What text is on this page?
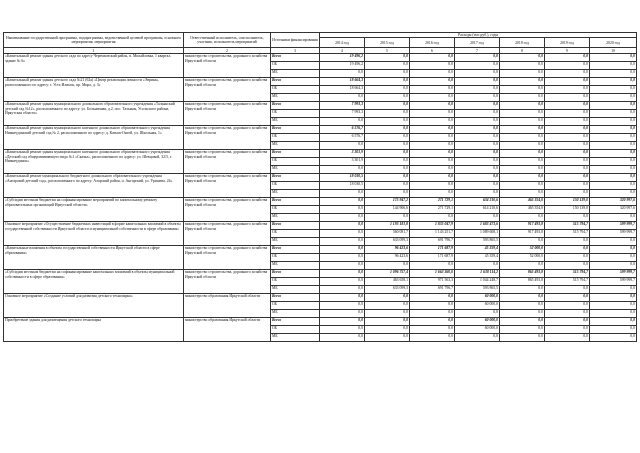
Наименование государственной программы, подпрограммы, ведомственной целевой программы, основного мероприятия, мероприятия	Ответственный исполнитель, соисполнитель, участник, исполнитель мероприятий	Источники финансирования	Расходы (тыс.руб.), годы						
			2014 год	2015 год	2016 год	2017 год	2018 год	2019 год	2020 год
1	2	3	4	5	6	7	8	9	10
«Капитальный ремонт здания детского сада по адресу Черемховский район, п. Михайловка, 1 квартал, здание № 6»	министерство строительства, дорожного хозяйства Иркутской области	Всего	19 496,2	0,0	0,0	0,0	0,0	0,0	0,0
		ОБ	19 496,2	0,0	0,0	0,0	0,0	0,0	0,0
		МБ	0,0	0,0	0,0	0,0	0,0	0,0	0,0
«Капитальный ремонт здания детского сада №21 (62а) «Центр реализации личности «Эврика», расположенного по адресу: г. Усть-Илимск, пр. Мира, д. 3»	министерство строительства, дорожного хозяйства Иркутской области	Всего	18 664,3	0,0	0,0	0,0	0,0	0,0	0,0
		ОБ	18 664,3	0,0	0,0	0,0	0,0	0,0	0,0
		МБ	0,0	0,0	0,0	0,0	0,0	0,0	0,0
«Капитальный ремонт здания муниципального дошкольного образовательного учреждения «Тальянский детский сад №12», расположенного по адресу: ул. Больничная, д.2, пос. Тальяны, Усольского района, Иркутская область»	министерство строительства, дорожного хозяйства Иркутской области	Всего	7 993,3	0,0	0,0	0,0	0,0	0,0	0,0
		ОБ	7 993,3	0,0	0,0	0,0	0,0	0,0	0,0
		МБ	0,0	0,0	0,0	0,0	0,0	0,0	0,0
«Капитальный ремонт здания муниципального казенного дошкольного образовательного учреждения Нижнеудинский детский сад № 2, расположенного по адресу: д. Катыш-Онгой, ул. Школьная, 1»	министерство строительства, дорожного хозяйства Иркутской области	Всего	6 576,7	0,0	0,0	0,0	0,0	0,0	0,0
		ОБ	6 576,7	0,0	0,0	0,0	0,0	0,0	0,0
		МБ	0,0	0,0	0,0	0,0	0,0	0,0	0,0
«Капитальный ремонт здания муниципального казенного дошкольного образовательного учреждения «Детский сад общеразвивающего вида №1 «Сказка», расположенного по адресу: ул. Шевцовой, 32/5, г. Нижнеудинск»	министерство строительства, дорожного хозяйства Иркутской области	Всего	3 301,9	0,0	0,0	0,0	0,0	0,0	0,0
		ОБ	3 301,9	0,0	0,0	0,0	0,0	0,0	0,0
		МБ	0,0	0,0	0,0	0,0	0,0	0,0	0,0
«Капитальный ремонт муниципального бюджетного дошкольного образовательного учреждения «Ангарский детский сад», расположенного по адресу: Аларский район, п. Ангарский, ул. Уришева, 24»	министерство строительства, дорожного хозяйства Иркутской области	Всего	18 030,5	0,0	0,0	0,0	0,0	0,0	0,0
		ОБ	18 030,5	0,0	0,0	0,0	0,0	0,0	0,0
		МБ	0,0	0,0	0,0	0,0	0,0	0,0	0,0
«Субсидии местным бюджетам на софинансирование мероприятий по капитальному ремонту образовательных организаций Иркутской области»	министерство строительства, дорожного хозяйства Иркутской области	Всего	0,0	175 947,2	271 729,1	634 210,6	465 354,0	150 139,0	320 997,6
		ОБ	0,0	144 906,6	271 729,1	614 210,6	465 354,0	150 139,0	320 997,6
		МБ	0,0	0,0	0,0	0,0	0,0	0,0	0,0
Основное мероприятие «Осуществление бюджетных инвестиций в форме капитальных вложений в объекты государственной собственности Иркутской области и муниципальной собственности в сфере образования»	министерство строительства, дорожного хозяйства Иркутской области	Всего	0,0	1 193 181,8	1 835 047,9	1 683 473,6	917 493,8	515 794,7	599 999,7
		ОБ	0,0	560 081,7	1 143 251,7	1 089 608,1	917 493,8	515 794,7	599 999,7
		МБ	0,0	633 099,3	691 796,7	593 865,5	0,0	0,0	0,0
«Капитальные вложения в объекты государственной собственности Иркутской области в сфере образования»	министерство строительства, дорожного хозяйства Иркутской области	Всего	0,0	96 423,6	171 687,9	45 359,4	52 000,0	0,0	0,0
		ОБ	0,0	96 423,6	171 687,9	45 359,4	52 000,0	0,0	0,0
		МБ	0,0	0,0	0,0	0,0	0,0	0,0	0,0
«Субсидии местным бюджетам на софинансирование капитальных вложений в объекты муниципальной собственности в сфере образования»	министерство строительства, дорожного хозяйства Иркутской области	Всего	0,0	1 096 757,4	1 663 360,0	1 638 114,2	865 493,8	515 794,7	599 999,7
		ОБ	0,0	463 658,1	971 563,3	1 044 248,7	865 493,8	515 794,7	599 999,7
		МБ	0,0	633 099,3	691 796,7	593 865,5	0,0	0,0	0,0
Основное мероприятие «Создание условий для развития детского технопарка»	министерство образования Иркутской области	Всего	0,0	0,0	0,0	60 000,0	0,0	0,0	0,0
		ОБ	0,0	0,0	0,0	60 000,0	0,0	0,0	0,0
		МБ	0,0	0,0	0,0	0,0	0,0	0,0	0,0
Приобретение здания для размещения детского технопарка	министерство образования Иркутской области	Всего	0,0	0,0	0,0	60 000,0	0,0	0,0	0,0
		ОБ	0,0	0,0	0,0	60 000,0	0,0	0,0	0,0
		МБ	0,0	0,0	0,0	0,0	0,0	0,0	0,0
